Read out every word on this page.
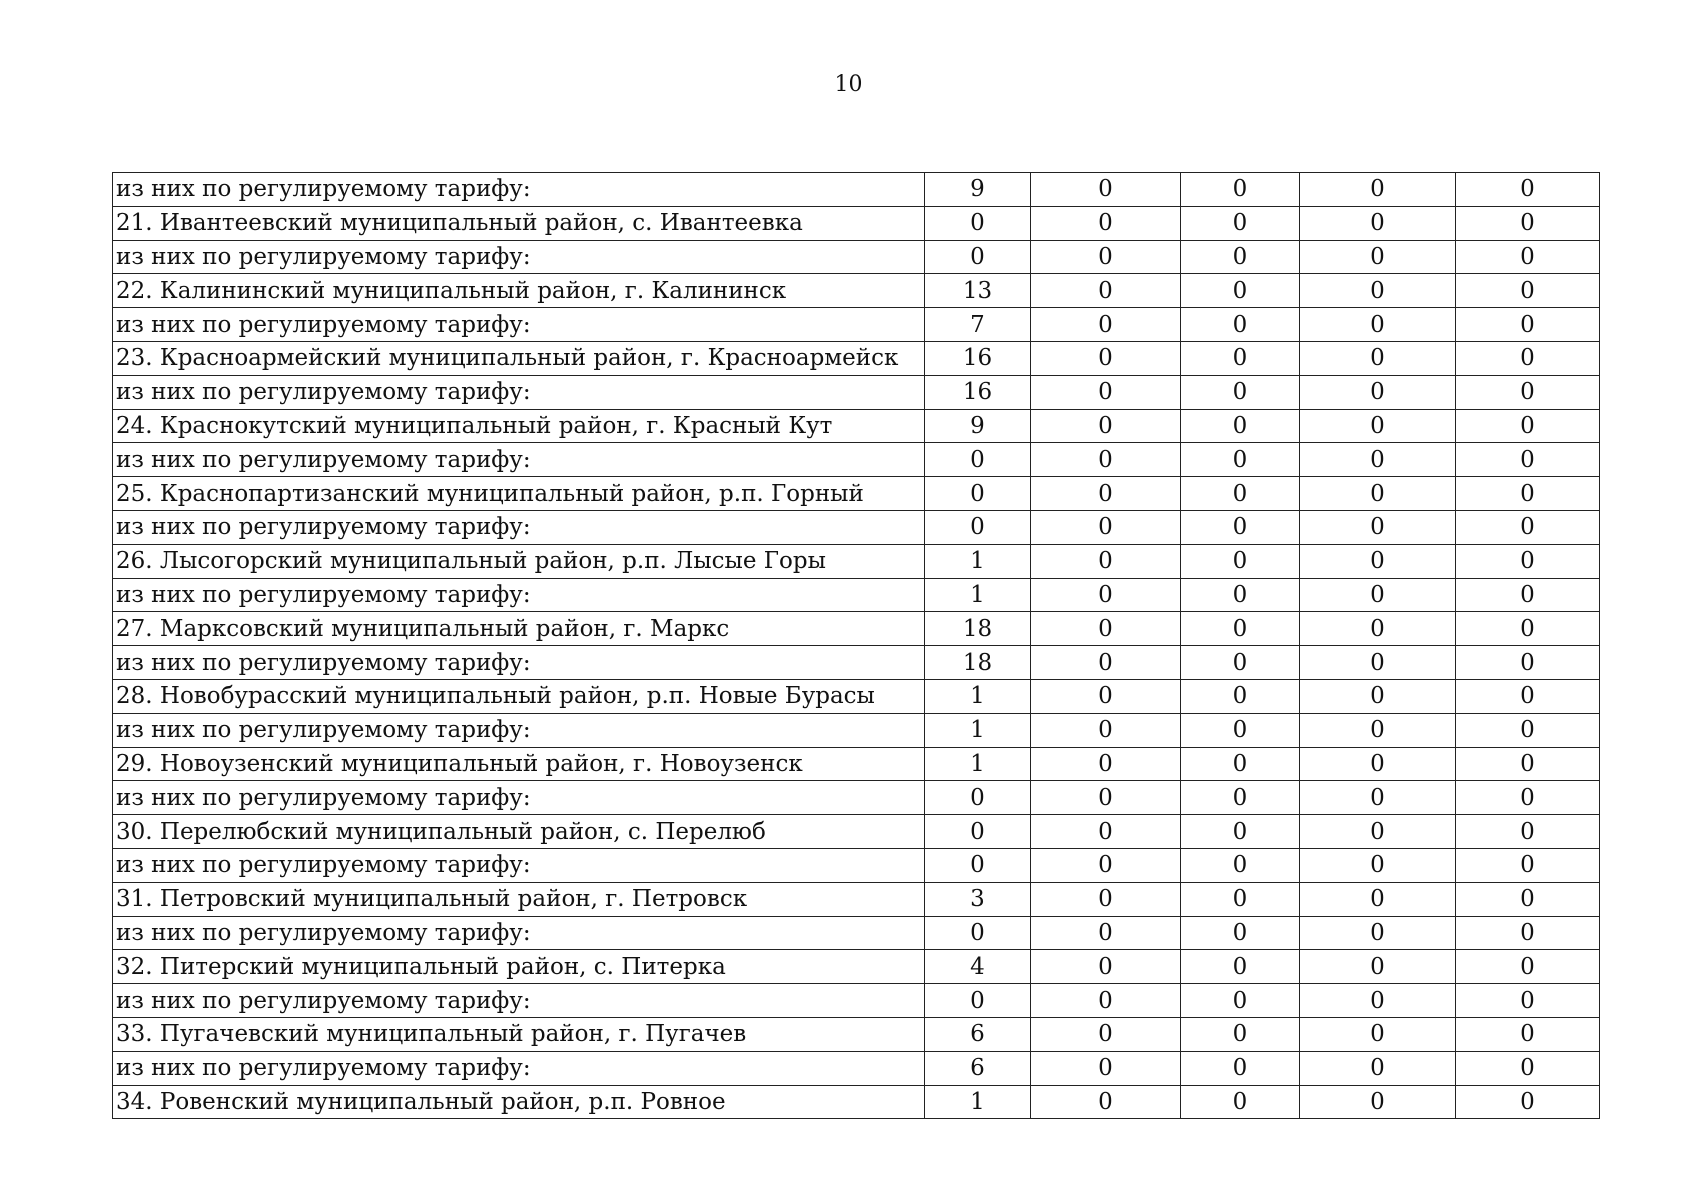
10
из них по регулируемому тарифу:	9	0	0	0	0
21. Ивантеевский муниципальный район, с. Ивантеевка	0	0	0	0	0
из них по регулируемому тарифу:	0	0	0	0	0
22. Калининский муниципальный район, г. Калининск	13	0	0	0	0
из них по регулируемому тарифу:	7	0	0	0	0
23. Красноармейский муниципальный район, г. Красноармейск	16	0	0	0	0
из них по регулируемому тарифу:	16	0	0	0	0
24. Краснокутский муниципальный район, г. Красный Кут	9	0	0	0	0
из них по регулируемому тарифу:	0	0	0	0	0
25. Краснопартизанский муниципальный район, р.п. Горный	0	0	0	0	0
из них по регулируемому тарифу:	0	0	0	0	0
26. Лысогорский муниципальный район, р.п. Лысые Горы	1	0	0	0	0
из них по регулируемому тарифу:	1	0	0	0	0
27. Марксовский муниципальный район, г. Маркс	18	0	0	0	0
из них по регулируемому тарифу:	18	0	0	0	0
28. Новобурасский муниципальный район, р.п. Новые Бурасы	1	0	0	0	0
из них по регулируемому тарифу:	1	0	0	0	0
29. Новоузенский муниципальный район, г. Новоузенск	1	0	0	0	0
из них по регулируемому тарифу:	0	0	0	0	0
30. Перелюбский муниципальный район, с. Перелюб	0	0	0	0	0
из них по регулируемому тарифу:	0	0	0	0	0
31. Петровский муниципальный район, г. Петровск	3	0	0	0	0
из них по регулируемому тарифу:	0	0	0	0	0
32. Питерский муниципальный район, с. Питерка	4	0	0	0	0
из них по регулируемому тарифу:	0	0	0	0	0
33. Пугачевский муниципальный район, г. Пугачев	6	0	0	0	0
из них по регулируемому тарифу:	6	0	0	0	0
34. Ровенский муниципальный район, р.п. Ровное	1	0	0	0	0
